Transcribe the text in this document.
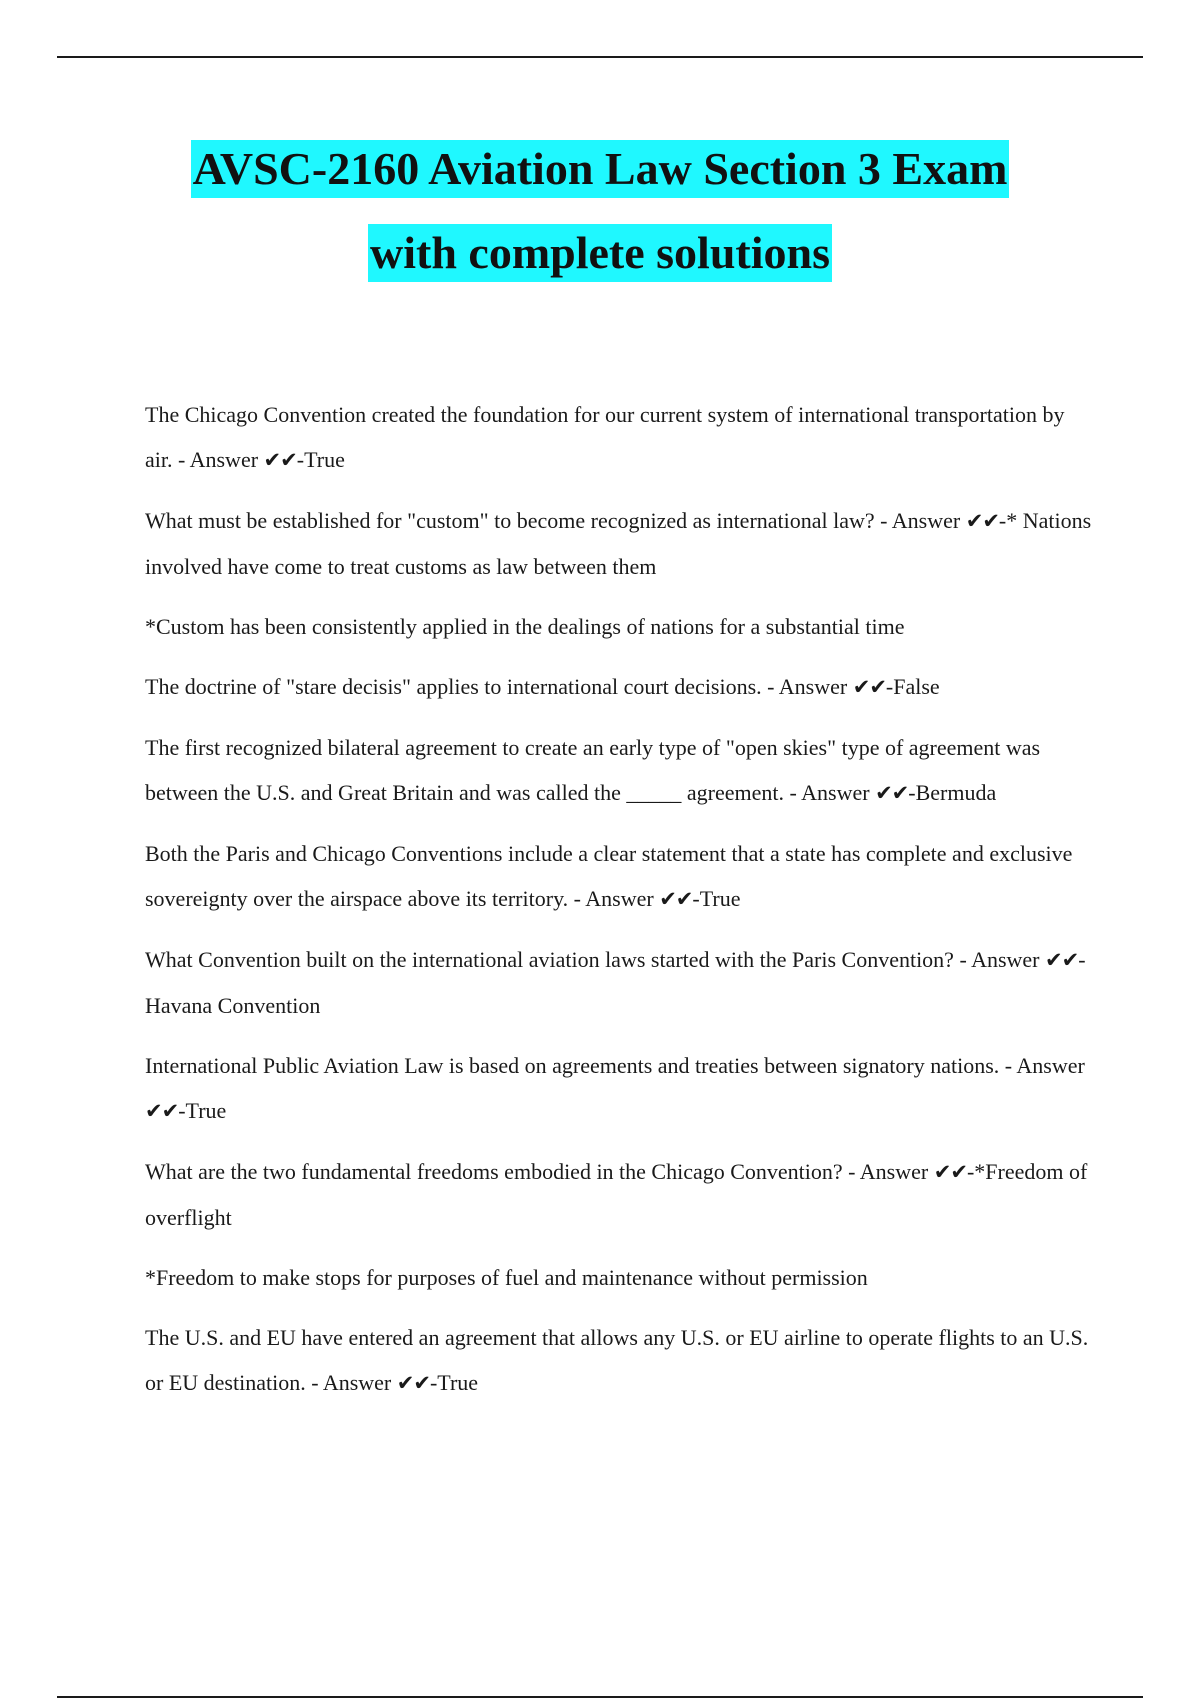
AVSC-2160 Aviation Law Section 3 Exam
with complete solutions

The Chicago Convention created the foundation for our current system of international transportation by air. - Answer ✔✔-True

What must be established for "custom" to become recognized as international law? - Answer ✔✔-* Nations involved have come to treat customs as law between them

*Custom has been consistently applied in the dealings of nations for a substantial time

The doctrine of "stare decisis" applies to international court decisions. - Answer ✔✔-False

The first recognized bilateral agreement to create an early type of "open skies" type of agreement was between the U.S. and Great Britain and was called the _____ agreement. - Answer ✔✔-Bermuda

Both the Paris and Chicago Conventions include a clear statement that a state has complete and exclusive sovereignty over the airspace above its territory. - Answer ✔✔-True

What Convention built on the international aviation laws started with the Paris Convention? - Answer ✔✔-Havana Convention

International Public Aviation Law is based on agreements and treaties between signatory nations. - Answer ✔✔-True

What are the two fundamental freedoms embodied in the Chicago Convention? - Answer ✔✔-*Freedom of overflight

*Freedom to make stops for purposes of fuel and maintenance without permission

The U.S. and EU have entered an agreement that allows any U.S. or EU airline to operate flights to an U.S. or EU destination. - Answer ✔✔-True
